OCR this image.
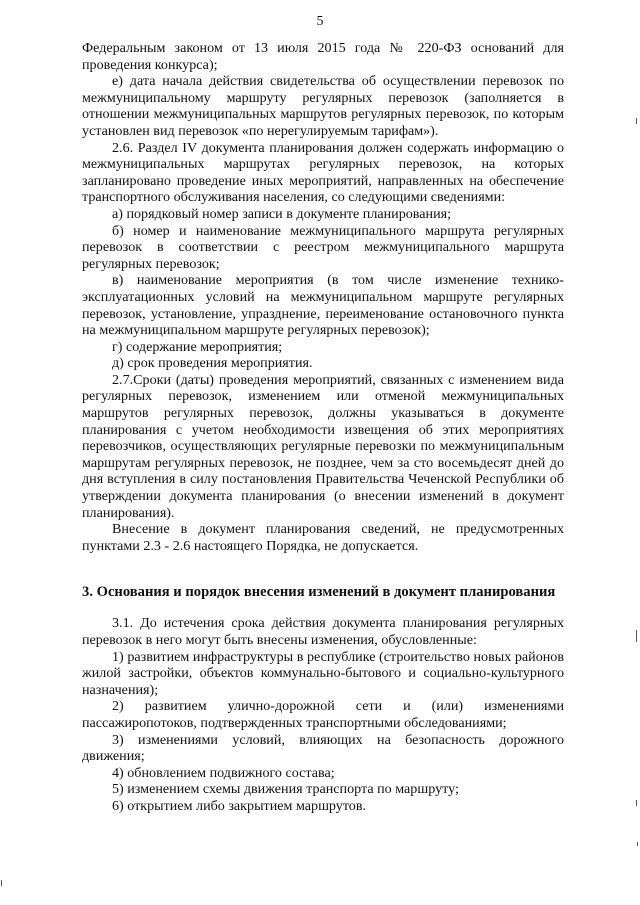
5

Федеральным законом от 13 июля 2015 года № 220-ФЗ оснований для проведения конкурса);

е) дата начала действия свидетельства об осуществлении перевозок по межмуниципальному маршруту регулярных перевозок (заполняется в отношении межмуниципальных маршрутов регулярных перевозок, по которым установлен вид перевозок «по нерегулируемым тарифам»).

2.6. Раздел IV документа планирования должен содержать информацию о межмуниципальных маршрутах регулярных перевозок, на которых запланировано проведение иных мероприятий, направленных на обеспечение транспортного обслуживания населения, со следующими сведениями:

а) порядковый номер записи в документе планирования;

б) номер и наименование межмуниципального маршрута регулярных перевозок в соответствии с реестром межмуниципального маршрута регулярных перевозок;

в) наименование мероприятия (в том числе изменение технико-эксплуатационных условий на межмуниципальном маршруте регулярных перевозок, установление, упразднение, переименование остановочного пункта на межмуниципальном маршруте регулярных перевозок);

г) содержание мероприятия;

д) срок проведения мероприятия.

2.7.Сроки (даты) проведения мероприятий, связанных с изменением вида регулярных перевозок, изменением или отменой межмуниципальных маршрутов регулярных перевозок, должны указываться в документе планирования с учетом необходимости извещения об этих мероприятиях перевозчиков, осуществляющих регулярные перевозки по межмуниципальным маршрутам регулярных перевозок, не позднее, чем за сто восемьдесят дней до дня вступления в силу постановления Правительства Чеченской Республики об утверждении документа планирования (о внесении изменений в документ планирования).

Внесение в документ планирования сведений, не предусмотренных пунктами 2.3 - 2.6 настоящего Порядка, не допускается.

3. Основания и порядок внесения изменений в документ планирования

3.1. До истечения срока действия документа планирования регулярных перевозок в него могут быть внесены изменения, обусловленные:

1) развитием инфраструктуры в республике (строительство новых районов жилой застройки, объектов коммунально-бытового и социально-культурного назначения);

2) развитием улично-дорожной сети и (или) изменениями пассажиропотоков, подтвержденных транспортными обследованиями;

3) изменениями условий, влияющих на безопасность дорожного движения;

4) обновлением подвижного состава;

5) изменением схемы движения транспорта по маршруту;

6) открытием либо закрытием маршрутов.
